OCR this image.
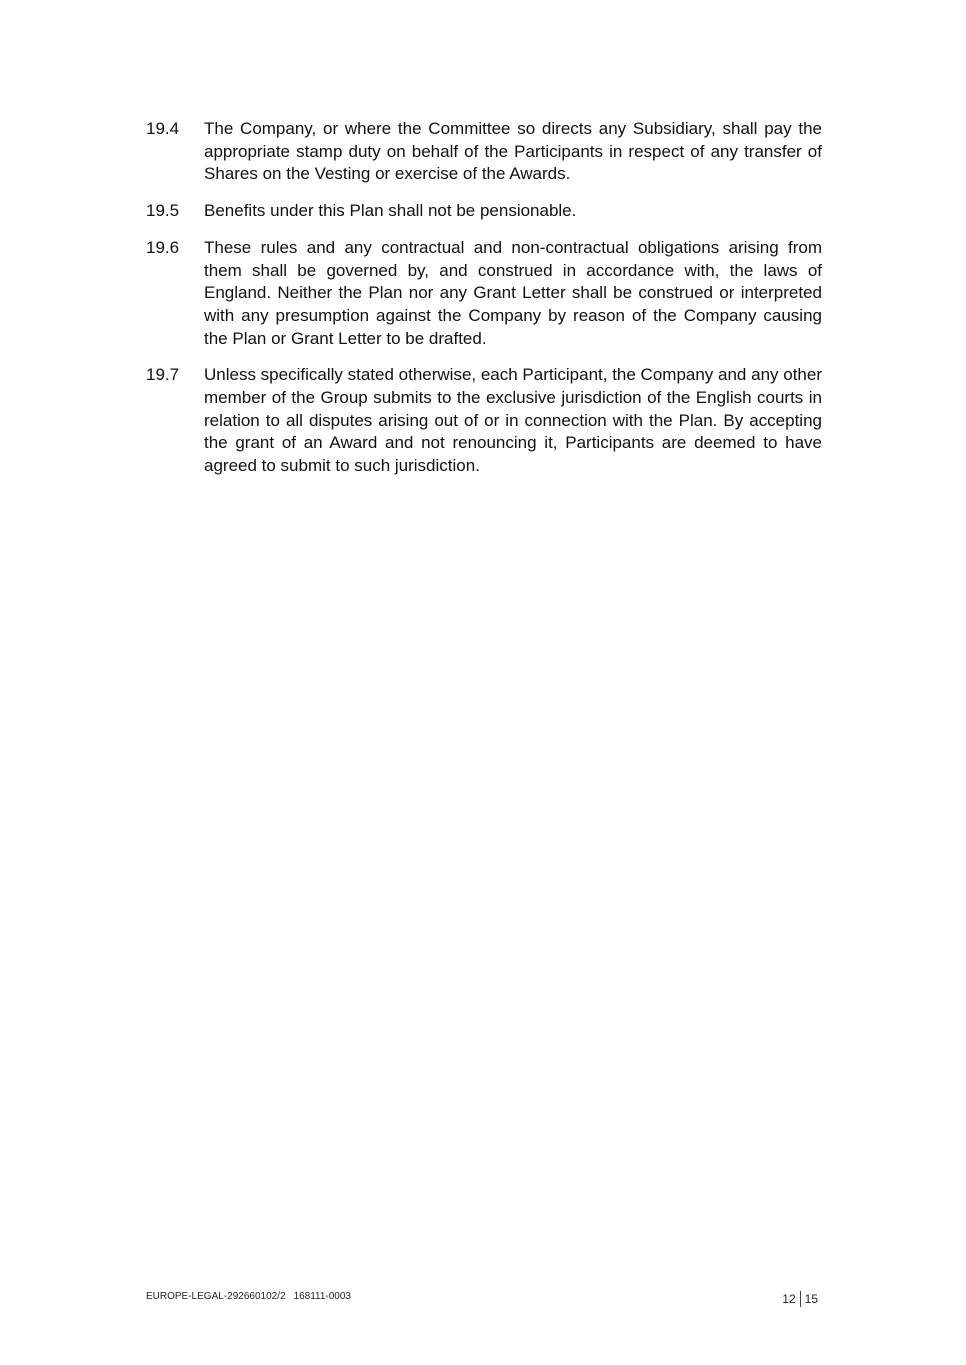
19.4	The Company, or where the Committee so directs any Subsidiary, shall pay the appropriate stamp duty on behalf of the Participants in respect of any transfer of Shares on the Vesting or exercise of the Awards.
19.5	Benefits under this Plan shall not be pensionable.
19.6	These rules and any contractual and non-contractual obligations arising from them shall be governed by, and construed in accordance with, the laws of England. Neither the Plan nor any Grant Letter shall be construed or interpreted with any presumption against the Company by reason of the Company causing the Plan or Grant Letter to be drafted.
19.7	Unless specifically stated otherwise, each Participant, the Company and any other member of the Group submits to the exclusive jurisdiction of the English courts in relation to all disputes arising out of or in connection with the Plan. By accepting the grant of an Award and not renouncing it, Participants are deemed to have agreed to submit to such jurisdiction.
EUROPE-LEGAL-292660102/2 168111-0003	12 15
